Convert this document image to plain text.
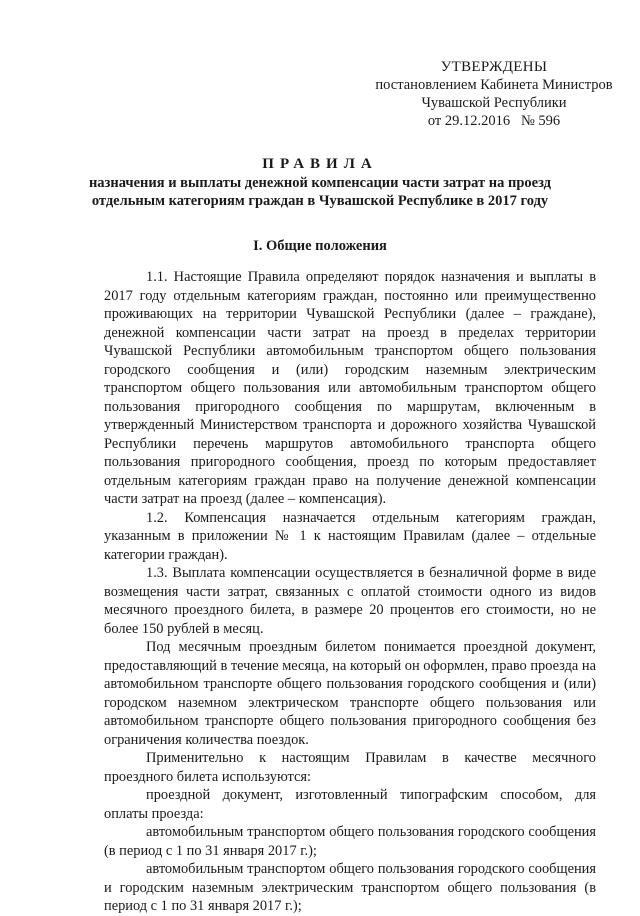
УТВЕРЖДЕНЫ
постановлением Кабинета Министров
Чувашской Республики
от 29.12.2016   № 596
ПРАВИЛА
назначения и выплаты денежной компенсации части затрат на проезд
отдельным категориям граждан в Чувашской Республике в 2017 году
I. Общие положения

1.1. Настоящие Правила определяют порядок назначения и выплаты в 2017 году отдельным категориям граждан, постоянно или преимущественно проживающих на территории Чувашской Республики (далее – граждане), денежной компенсации части затрат на проезд в пределах территории Чувашской Республики автомобильным транспортом общего пользования городского сообщения и (или) городским наземным электрическим транспортом общего пользования или автомобильным транспортом общего пользования пригородного сообщения по маршрутам, включенным в утвержденный Министерством транспорта и дорожного хозяйства Чувашской Республики перечень маршрутов автомобильного транспорта общего пользования пригородного сообщения, проезд по которым предоставляет отдельным категориям граждан право на получение денежной компенсации части затрат на проезд (далее – компенсация).

1.2. Компенсация назначается отдельным категориям граждан, указанным в приложении № 1 к настоящим Правилам (далее – отдельные категории граждан).

1.3. Выплата компенсации осуществляется в безналичной форме в виде возмещения части затрат, связанных с оплатой стоимости одного из видов месячного проездного билета, в размере 20 процентов его стоимости, но не более 150 рублей в месяц.

Под месячным проездным билетом понимается проездной документ, предоставляющий в течение месяца, на который он оформлен, право проезда на автомобильном транспорте общего пользования городского сообщения и (или) городском наземном электрическом транспорте общего пользования или автомобильном транспорте общего пользования пригородного сообщения без ограничения количества поездок.

Применительно к настоящим Правилам в качестве месячного проездного билета используются:

проездной документ, изготовленный типографским способом, для оплаты проезда:

автомобильным транспортом общего пользования городского сообщения (в период с 1 по 31 января 2017 г.);

автомобильным транспортом общего пользования городского сообщения и городским наземным электрическим транспортом общего пользования (в период с 1 по 31 января 2017 г.);
